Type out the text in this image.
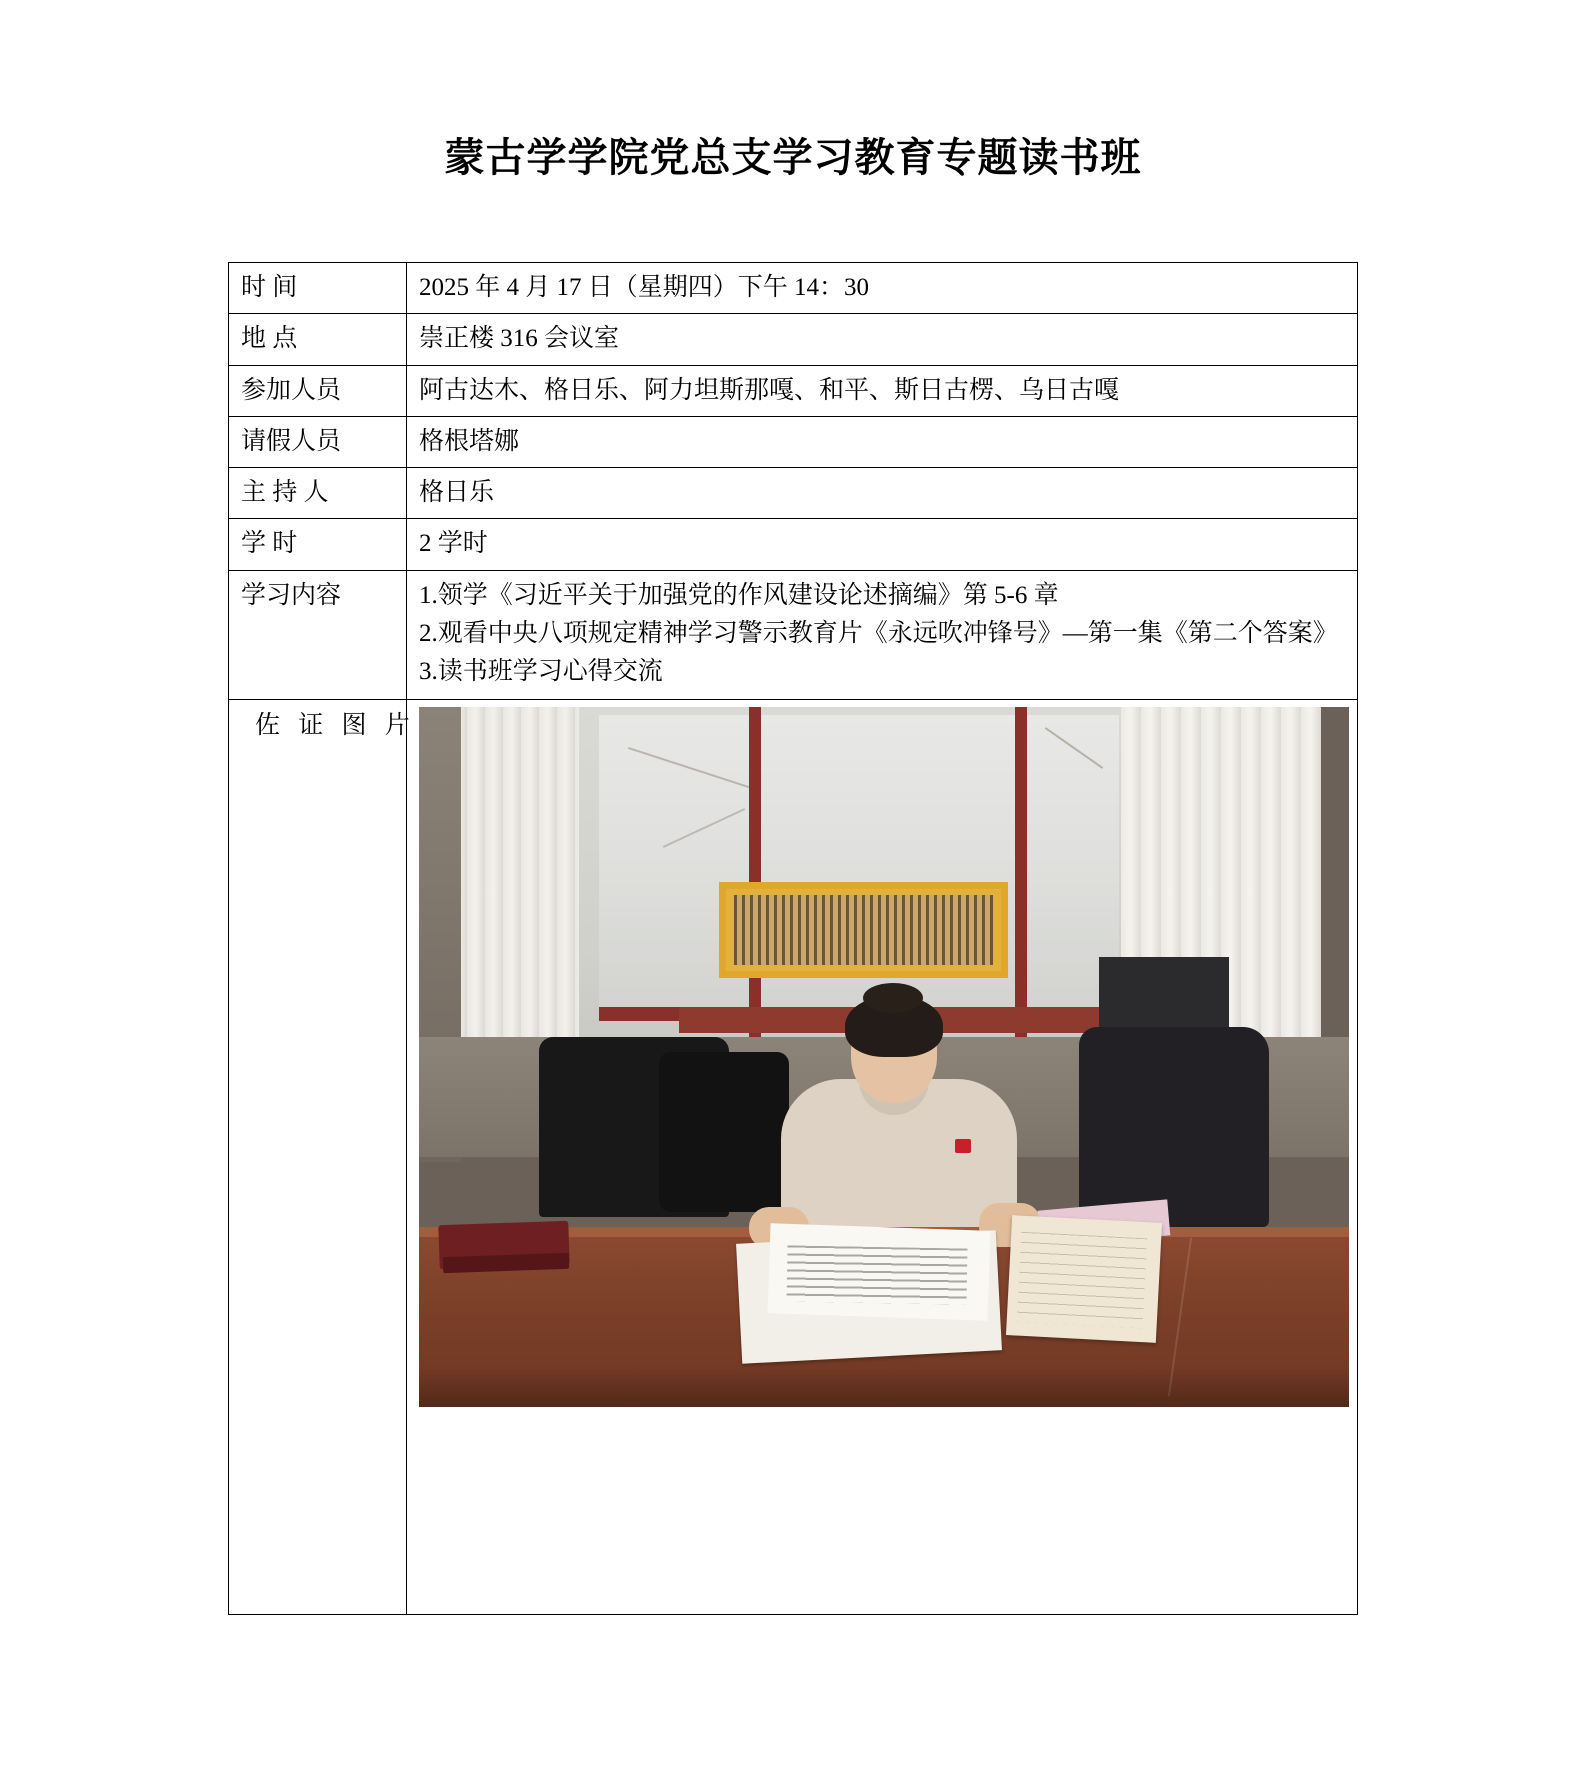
蒙古学学院党总支学习教育专题读书班
时 间	2025 年 4 月 17 日（星期四）下午 14：30
地 点	崇正楼 316 会议室
参加人员	阿古达木、格日乐、阿力坦斯那嘎、和平、斯日古楞、乌日古嘎
请假人员	格根塔娜
主 持 人	格日乐
学 时	2 学时
学习内容	1.领学《习近平关于加强党的作风建设论述摘编》第 5-6 章

2.观看中央八项规定精神学习警示教育片《永远吹冲锋号》—第一集《第二个答案》

3.读书班学习心得交流

佐 证 图 片	
